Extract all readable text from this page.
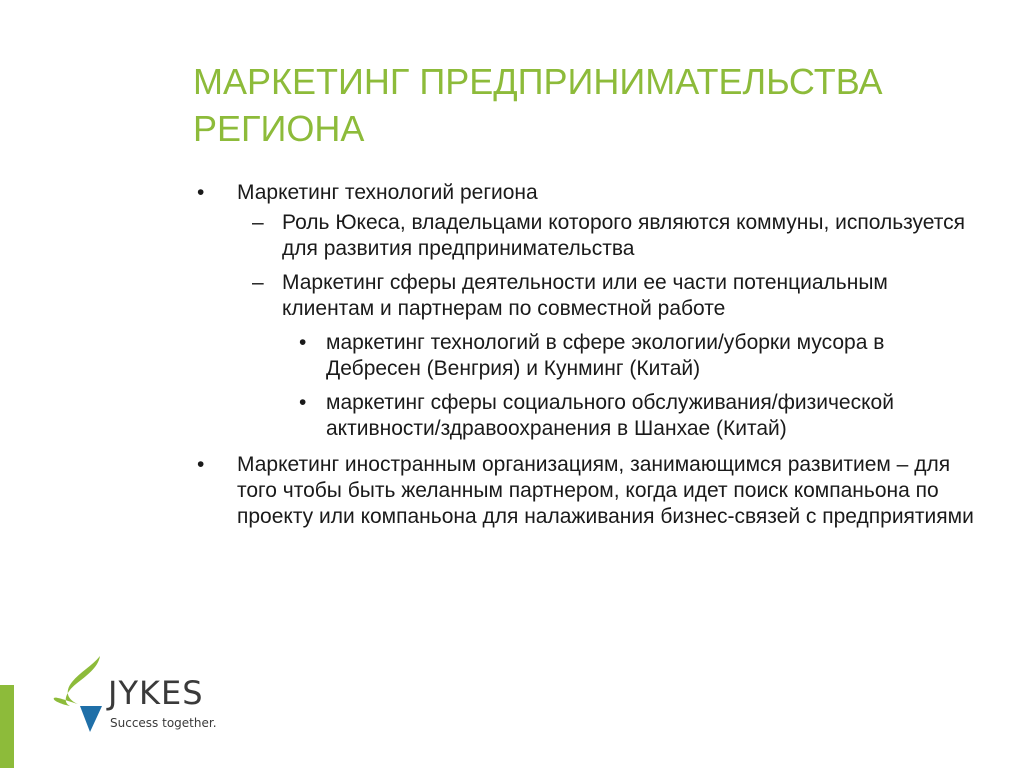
МАРКЕТИНГ ПРЕДПРИНИМАТЕЛЬСТВА РЕГИОНА
• Маркетинг технологий региона
– Роль Юкеса, владельцами которого являются коммуны, используется для развития предпринимательства
– Маркетинг сферы деятельности или ее части потенциальным клиентам и партнерам по совместной работе
• маркетинг технологий в сфере экологии/уборки мусора в Дебресен (Венгрия) и Кунминг (Китай)
• маркетинг сферы социального обслуживания/физической активности/здравоохранения в Шанхае (Китай)
• Маркетинг иностранным организациям, занимающимся развитием – для того чтобы быть желанным партнером, когда идет поиск компаньона по проекту или компаньона для налаживания бизнес-связей с предприятиями
JYKES
Success together.
